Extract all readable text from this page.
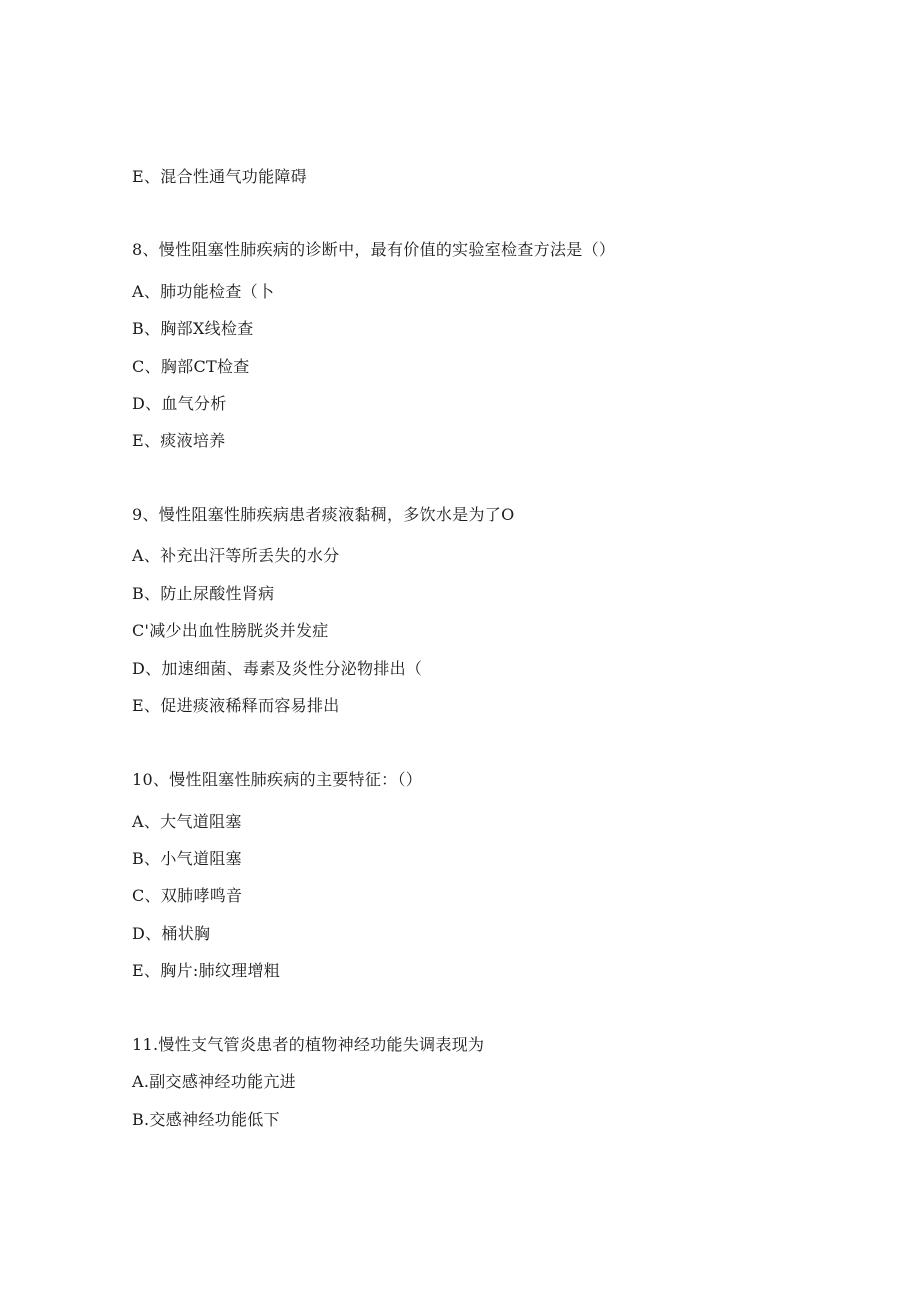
E、混合性通气功能障碍
8、慢性阻塞性肺疾病的诊断中，最有价值的实验室检查方法是（）
A、肺功能检查（卜
B、胸部X线检查
C、胸部CT检查
D、血气分析
E、痰液培养
9、慢性阻塞性肺疾病患者痰液黏稠，多饮水是为了O
A、补充出汗等所丢失的水分
B、防止尿酸性肾病
C'减少出血性膀胱炎并发症
D、加速细菌、毒素及炎性分泌物排出（
E、促进痰液稀释而容易排出
10、慢性阻塞性肺疾病的主要特征：（）
A、大气道阻塞
B、小气道阻塞
C、双肺哮鸣音
D、桶状胸
E、胸片:肺纹理增粗
11.慢性支气管炎患者的植物神经功能失调表现为
A.副交感神经功能亢进
B.交感神经功能低下
